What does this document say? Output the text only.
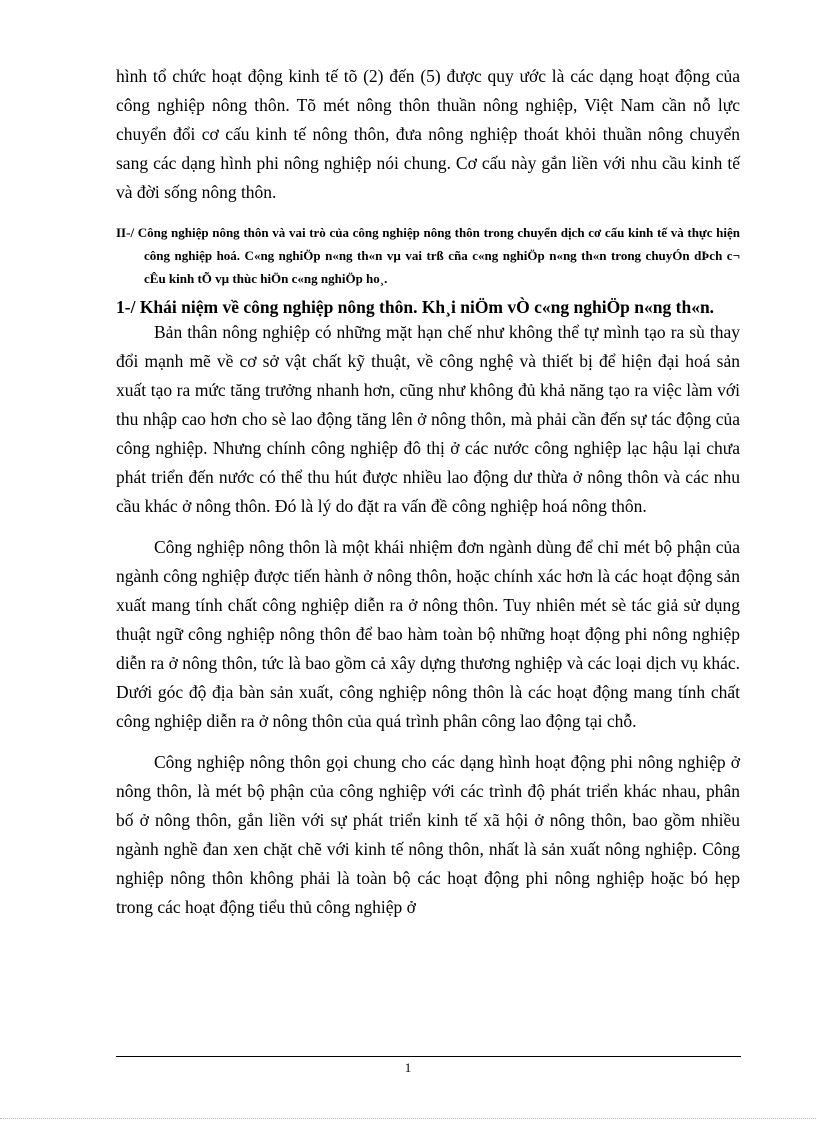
hình tổ chức hoạt động kinh tế tõ (2) đến (5) được quy ước là các dạng hoạt động của công nghiệp nông thôn. Tõ mét nông thôn thuần nông nghiệp, Việt Nam cần nỗ lực chuyển đổi cơ cấu kinh tế nông thôn, đưa nông nghiệp thoát khỏi thuần nông chuyển sang các dạng hình phi nông nghiệp nói chung. Cơ cấu này gắn liền với nhu cầu kinh tế và đời sống nông thôn.

II-/ Công nghiệp nông thôn và vai trò của công nghiệp nông thôn trong chuyển dịch cơ cấu kinh tế và thực hiện công nghiệp hoá. C«ng nghiÖp n«ng th«n vµ vai trß cña c«ng nghiÖp n«ng th«n trong chuyÓn dÞch c¬ cÊu kinh tÕ vµ thùc hiÖn c«ng nghiÖp ho¸.
1-/ Khái niệm về công nghiệp nông thôn. Kh¸i niÖm vÒ c«ng nghiÖp n«ng th«n.

Bản thân nông nghiệp có những mặt hạn chế như không thể tự mình tạo ra sù thay đổi mạnh mẽ về cơ sở vật chất kỹ thuật, về công nghệ và thiết bị để hiện đại hoá sản xuất tạo ra mức tăng trưởng nhanh hơn, cũng như không đủ khả năng tạo ra việc làm với thu nhập cao hơn cho sè lao động tăng lên ở nông thôn, mà phải cần đến sự tác động của công nghiệp. Nhưng chính công nghiệp đô thị ở các nước công nghiệp lạc hậu lại chưa phát triển đến nước có thể thu hút được nhiều lao động dư thừa ở nông thôn và các nhu cầu khác ở nông thôn. Đó là lý do đặt ra vấn đề công nghiệp hoá nông thôn.

Công nghiệp nông thôn là một khái nhiệm đơn ngành dùng để chỉ mét bộ phận của ngành công nghiệp được tiến hành ở nông thôn, hoặc chính xác hơn là các hoạt động sản xuất mang tính chất công nghiệp diễn ra ở nông thôn. Tuy nhiên mét sè tác giả sử dụng thuật ngữ công nghiệp nông thôn để bao hàm toàn bộ những hoạt động phi nông nghiệp diễn ra ở nông thôn, tức là bao gồm cả xây dựng thương nghiệp và các loại dịch vụ khác. Dưới góc độ địa bàn sản xuất, công nghiệp nông thôn là các hoạt động mang tính chất công nghiệp diễn ra ở nông thôn của quá trình phân công lao động tại chỗ.

Công nghiệp nông thôn gọi chung cho các dạng hình hoạt động phi nông nghiệp ở nông thôn, là mét bộ phận của công nghiệp với các trình độ phát triển khác nhau, phân bố ở nông thôn, gắn liền với sự phát triển kinh tế xã hội ở nông thôn, bao gồm nhiều ngành nghề đan xen chặt chẽ với kinh tế nông thôn, nhất là sản xuất nông nghiệp. Công nghiệp nông thôn không phải là toàn bộ các hoạt động phi nông nghiệp hoặc bó hẹp trong các hoạt động tiểu thủ công nghiệp ở

1
